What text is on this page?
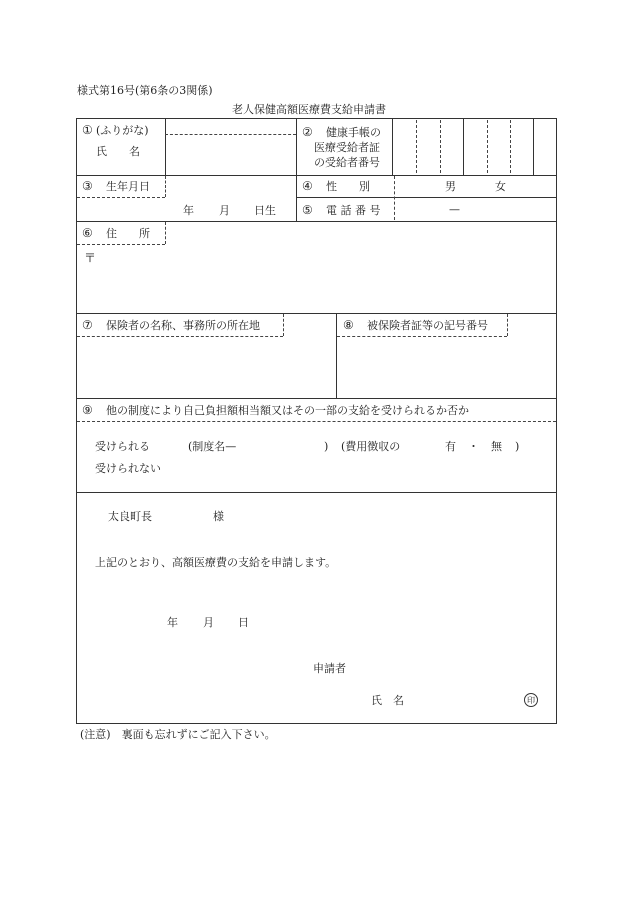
様式第16号(第6条の3関係)
老人保健高額医療費支給申請書
① (ふりがな)
氏　　名
② 健康手帳の
医療受給者証
の受給者番号
③ 生年月日
年 月 日生
④ 性　　別	男	女
⑤ 電 話 番 号	—
⑥ 住　　所
〒
⑦ 保険者の名称、事務所の所在地	⑧ 被保険者証等の記号番号
⑨ 他の制度により自己負担額相当額又はその一部の支給を受けられるか否か
受けられる	(制度名—	) (費用徴収の	有 ・ 無 )
受けられない
太良町長	様
上記のとおり、高額医療費の支給を申請します。
年 月 日
申請者
氏　名	印
(注意)　裏面も忘れずにご記入下さい。
